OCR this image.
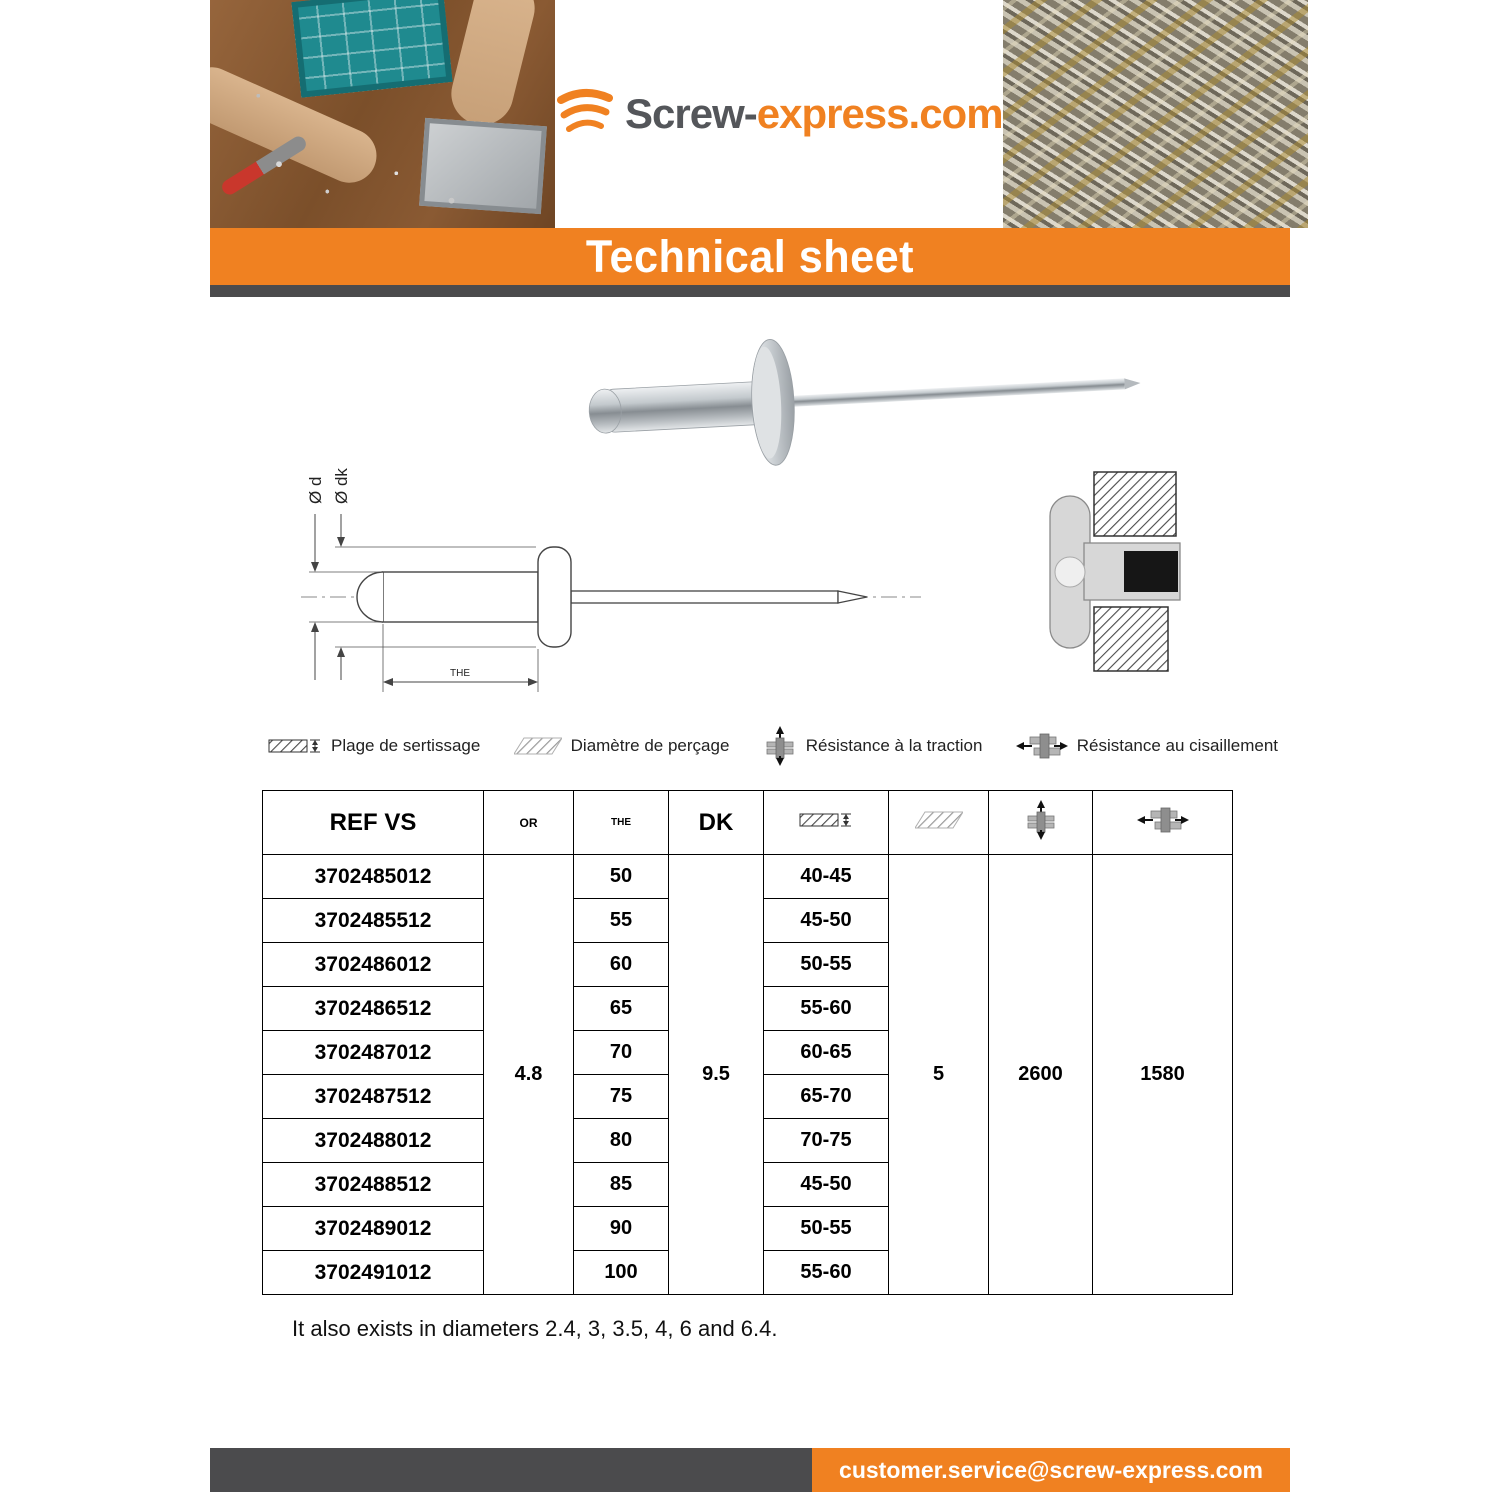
Screw-express.com
Technical sheet
Ø d Ø dk
THE
Plage de sertissage	Diamètre de perçage	Résistance à la traction	Résistance au cisaillement
REF VS	OR	THE	DK				
3702485012	4.8	50	9.5	40-45	5	2600	1580
3702485512		55		45-50			
3702486012		60		50-55			
3702486512		65		55-60			
3702487012		70		60-65			
3702487512		75		65-70			
3702488012		80		70-75			
3702488512		85		45-50			
3702489012		90		50-55			
3702491012		100		55-60			
It also exists in diameters 2.4, 3, 3.5, 4, 6 and 6.4.
customer.service@screw-express.com
